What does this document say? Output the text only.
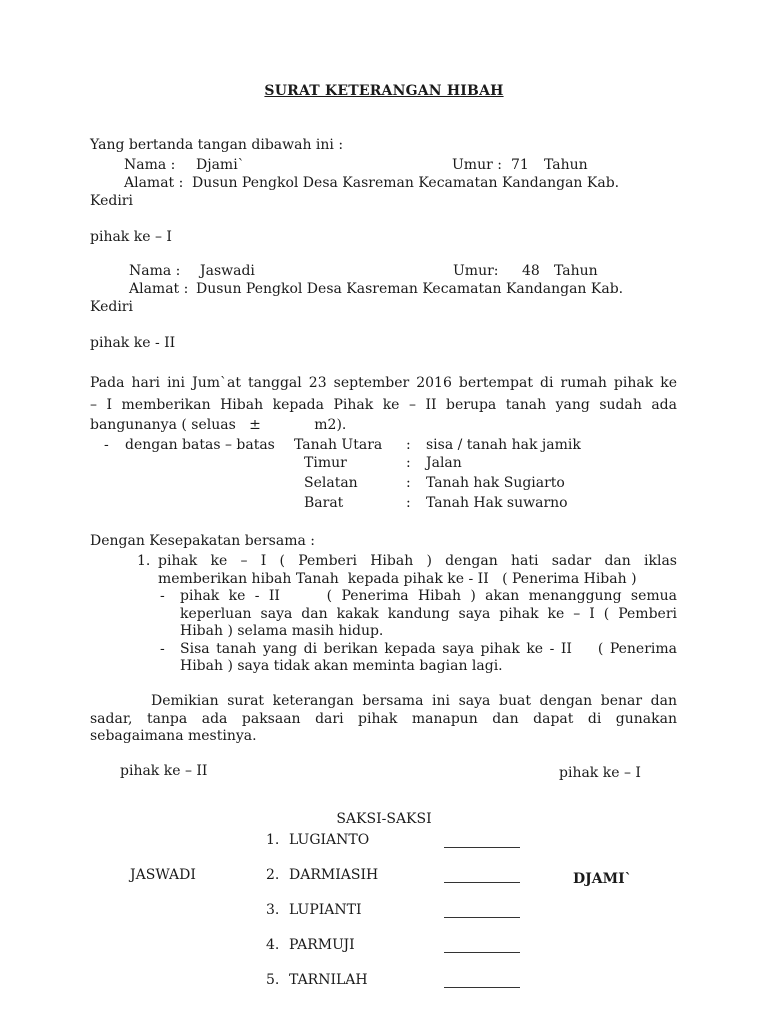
SURAT KETERANGAN HIBAH
Yang bertanda tangan dibawah ini :
Nama : Djami`	Umur : 71 Tahun
Alamat : Dusun Pengkol Desa Kasreman Kecamatan Kandangan Kab.
Kediri
pihak ke – I
Nama : Jaswadi	Umur: 48 Tahun
Alamat : Dusun Pengkol Desa Kasreman Kecamatan Kandangan Kab.
Kediri
pihak ke - II
Pada hari ini Jum`at tanggal 23 september 2016 bertempat di rumah pihak ke
– I memberikan Hibah kepada Pihak ke – II berupa tanah yang sudah ada
bangunanya ( seluas   ±            m2).
- dengan batas – batas Tanah Utara : sisa / tanah hak jamik
Timur	: Jalan
Selatan	: Tanah hak Sugiarto
Barat	: Tanah Hak suwarno
Dengan Kesepakatan bersama :
1. pihak ke – I ( Pemberi Hibah ) dengan hati sadar dan iklas
memberikan hibah Tanah  kepada pihak ke - II   ( Penerima Hibah )
- pihak ke - II     ( Penerima Hibah ) akan menanggung semua
keperluan saya dan kakak kandung saya pihak ke – I ( Pemberi
Hibah ) selama masih hidup.
- Sisa tanah yang di berikan kepada saya pihak ke - II    ( Penerima
Hibah ) saya tidak akan meminta bagian lagi.
Demikian surat keterangan bersama ini saya buat dengan benar dan
sadar, tanpa ada paksaan dari pihak manapun dan dapat di gunakan
sebagaimana mestinya.
pihak ke – II	pihak ke – I
SAKSI-SAKSI
1. LUGIANTO
JASWADI	2. DARMIASIH	DJAMI`
3. LUPIANTI
4. PARMUJI
5. TARNILAH
